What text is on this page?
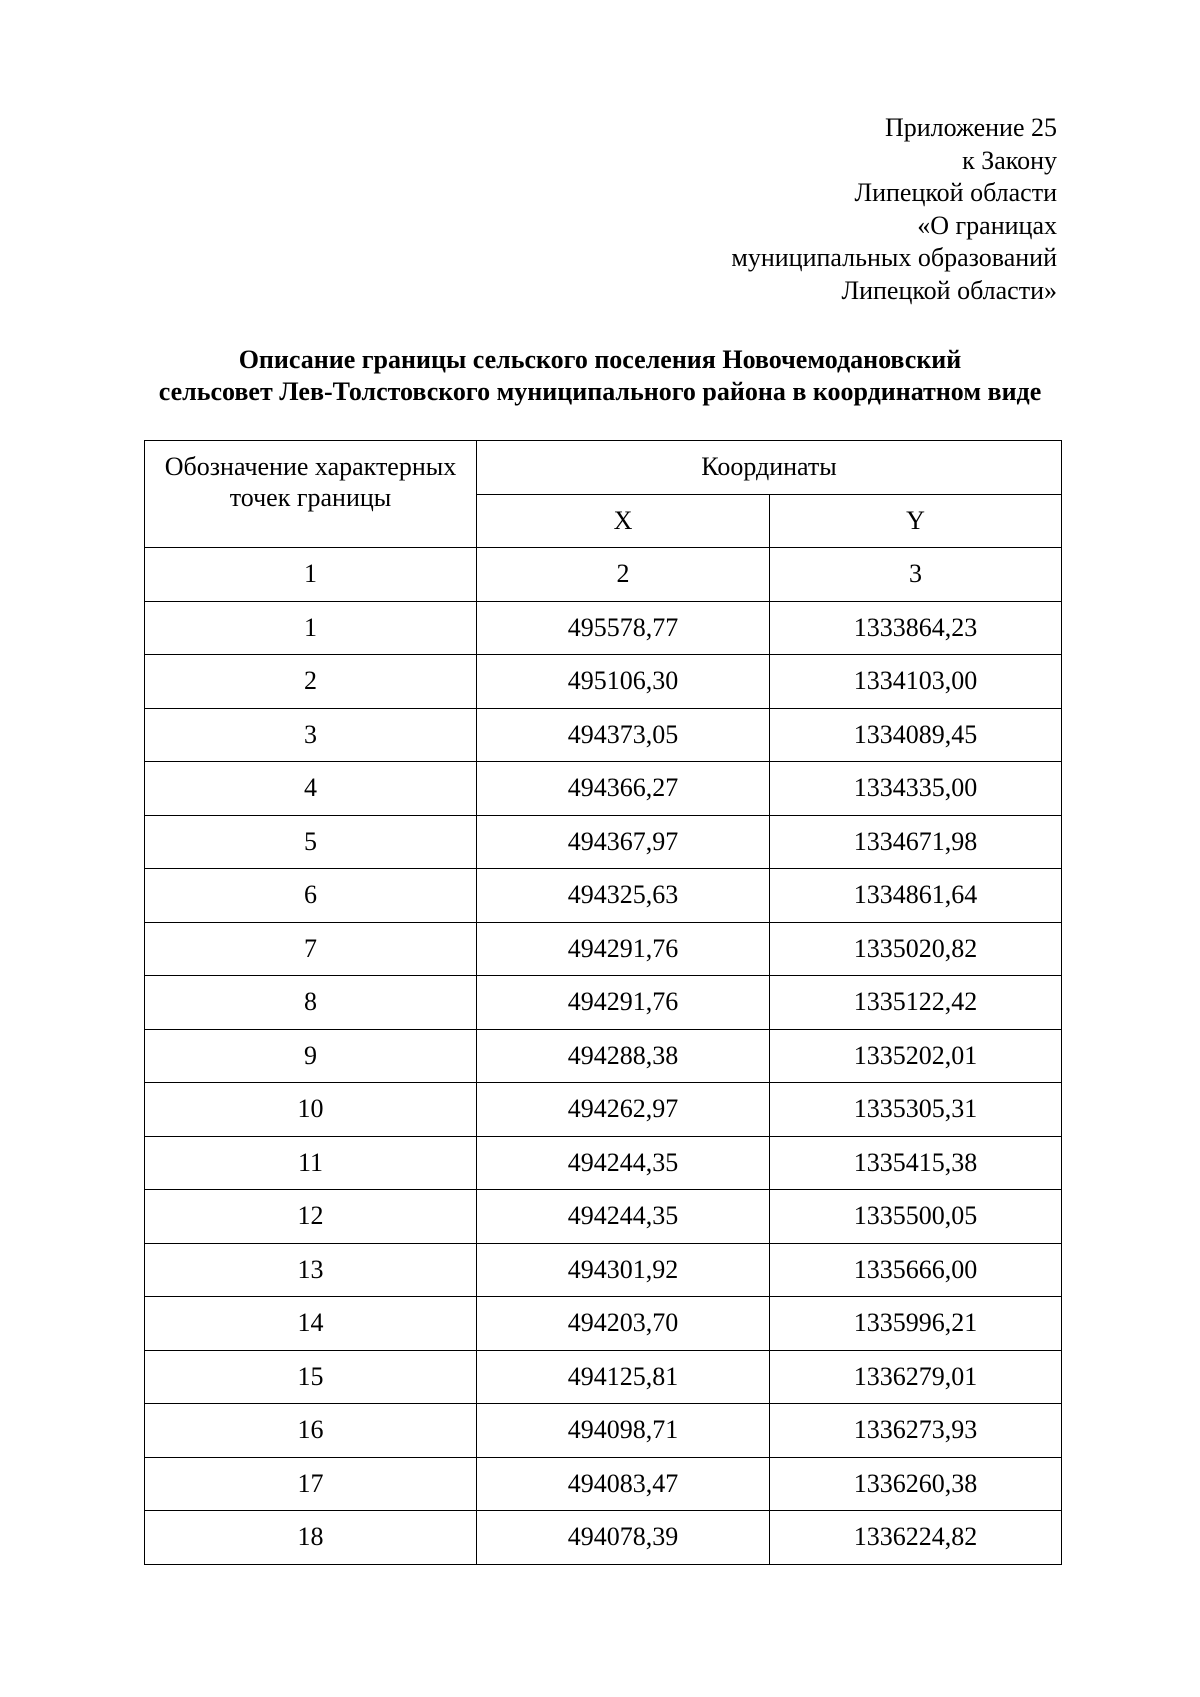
Приложение 25
к Закону
Липецкой области
«О границах
муниципальных образований
Липецкой области»
Описание границы сельского поселения Новочемодановский
сельсовет Лев-Толстовского муниципального района в координатном виде
Обозначение характерных точек границы	Координаты	
	X	Y
1	2	3
1	495578,77	1333864,23
2	495106,30	1334103,00
3	494373,05	1334089,45
4	494366,27	1334335,00
5	494367,97	1334671,98
6	494325,63	1334861,64
7	494291,76	1335020,82
8	494291,76	1335122,42
9	494288,38	1335202,01
10	494262,97	1335305,31
11	494244,35	1335415,38
12	494244,35	1335500,05
13	494301,92	1335666,00
14	494203,70	1335996,21
15	494125,81	1336279,01
16	494098,71	1336273,93
17	494083,47	1336260,38
18	494078,39	1336224,82
